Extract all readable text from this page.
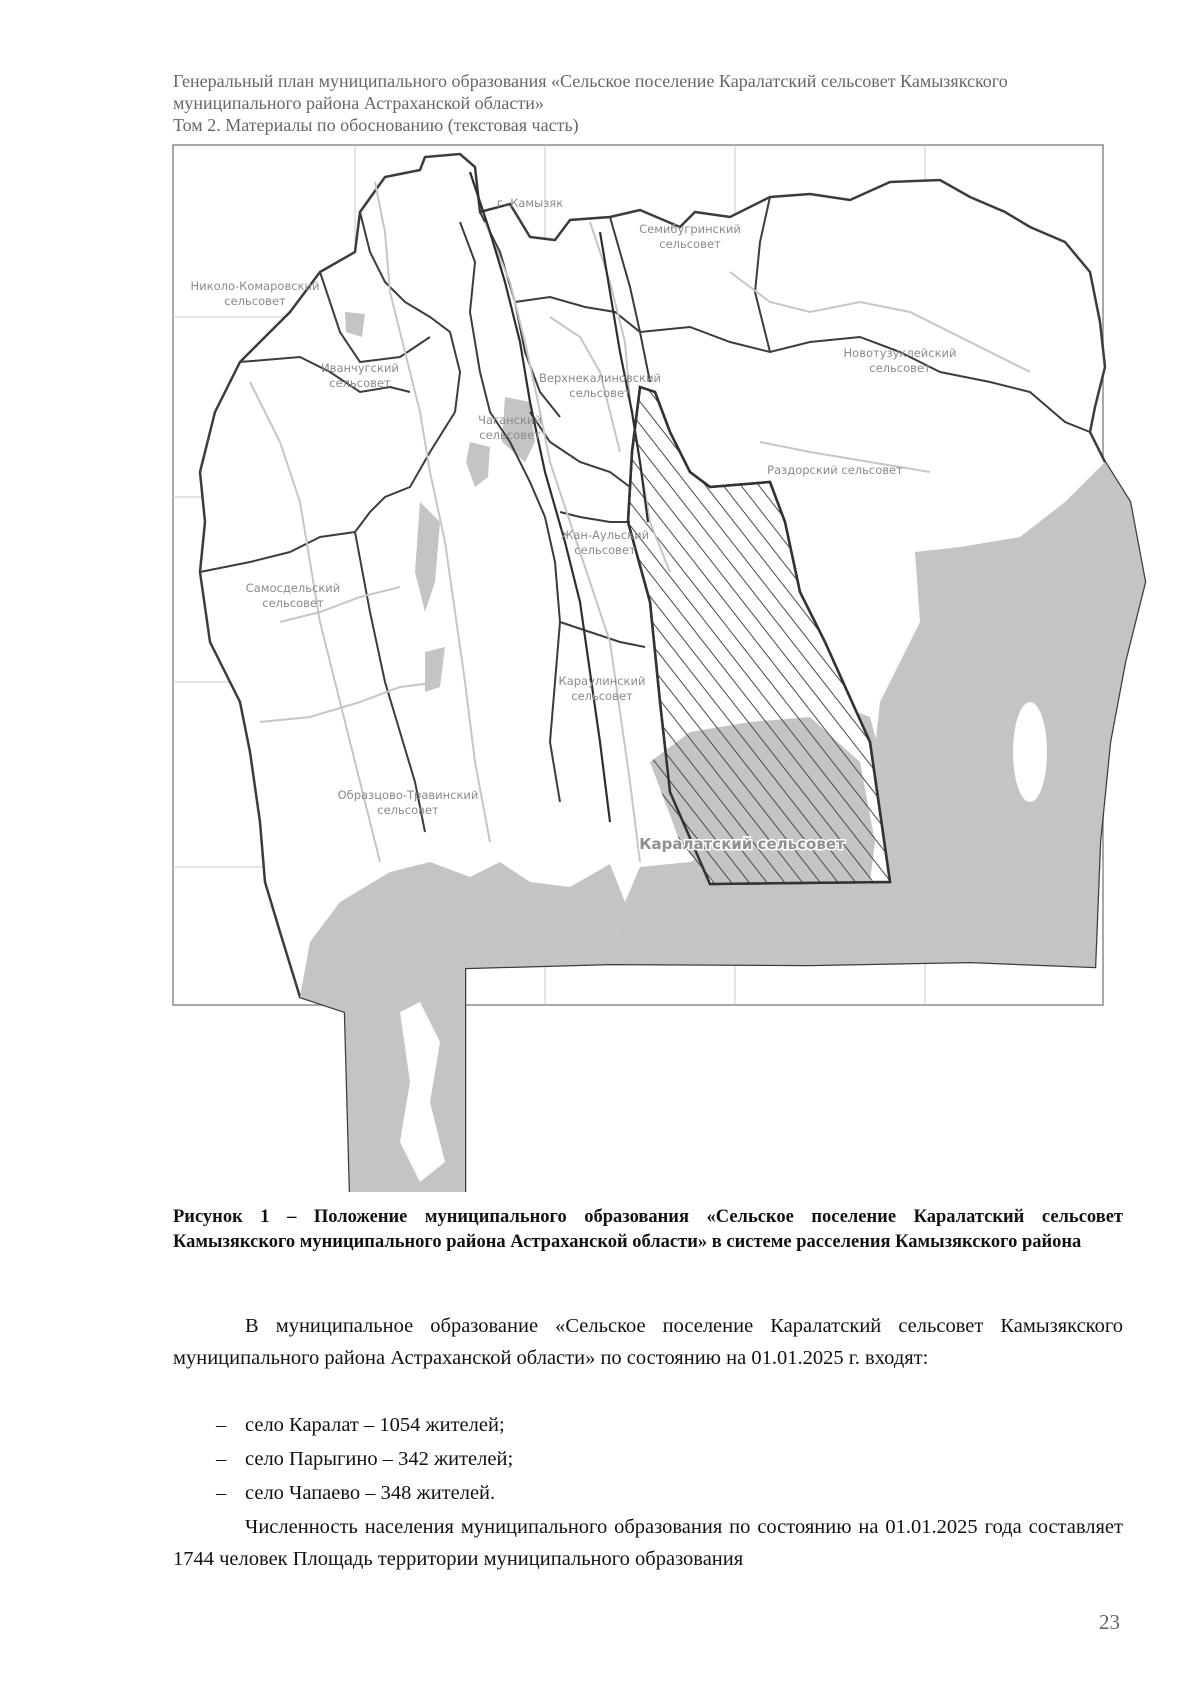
Генеральный план муниципального образования «Сельское поселение Каралатский сельсовет Камызякского
муниципального района Астраханской области»
Том 2. Материалы по обоснованию (текстовая часть)
г. Камызяк
Семибугринский
сельсовет
Николо-Комаровский
сельсовет
Иванчугский
сельсовет	Верхнекалиновский
сельсовет
Новотузуклейский
сельсовет
Чаганский
сельсовет
Раздорский сельсовет
Жан-Аульский
сельсовет
Самосдельский
сельсовет
Караулинский
сельсовет
Образцово-Травинский
сельсовет
Каралатский сельсовет
Рисунок 1 – Положение муниципального образования «Сельское поселение Каралатский сельсовет Камызякского муниципального района Астраханской области» в системе расселения Камызякского района
В муниципальное образование «Сельское поселение Каралатский сельсовет Камызякского муниципального района Астраханской области» по состоянию на 01.01.2025 г. входят:
– село Каралат – 1054 жителей;
– село Парыгино – 342 жителей;
– село Чапаево – 348 жителей.
Численность населения муниципального образования по состоянию на 01.01.2025 года составляет 1744 человек Площадь территории муниципального образования
23
